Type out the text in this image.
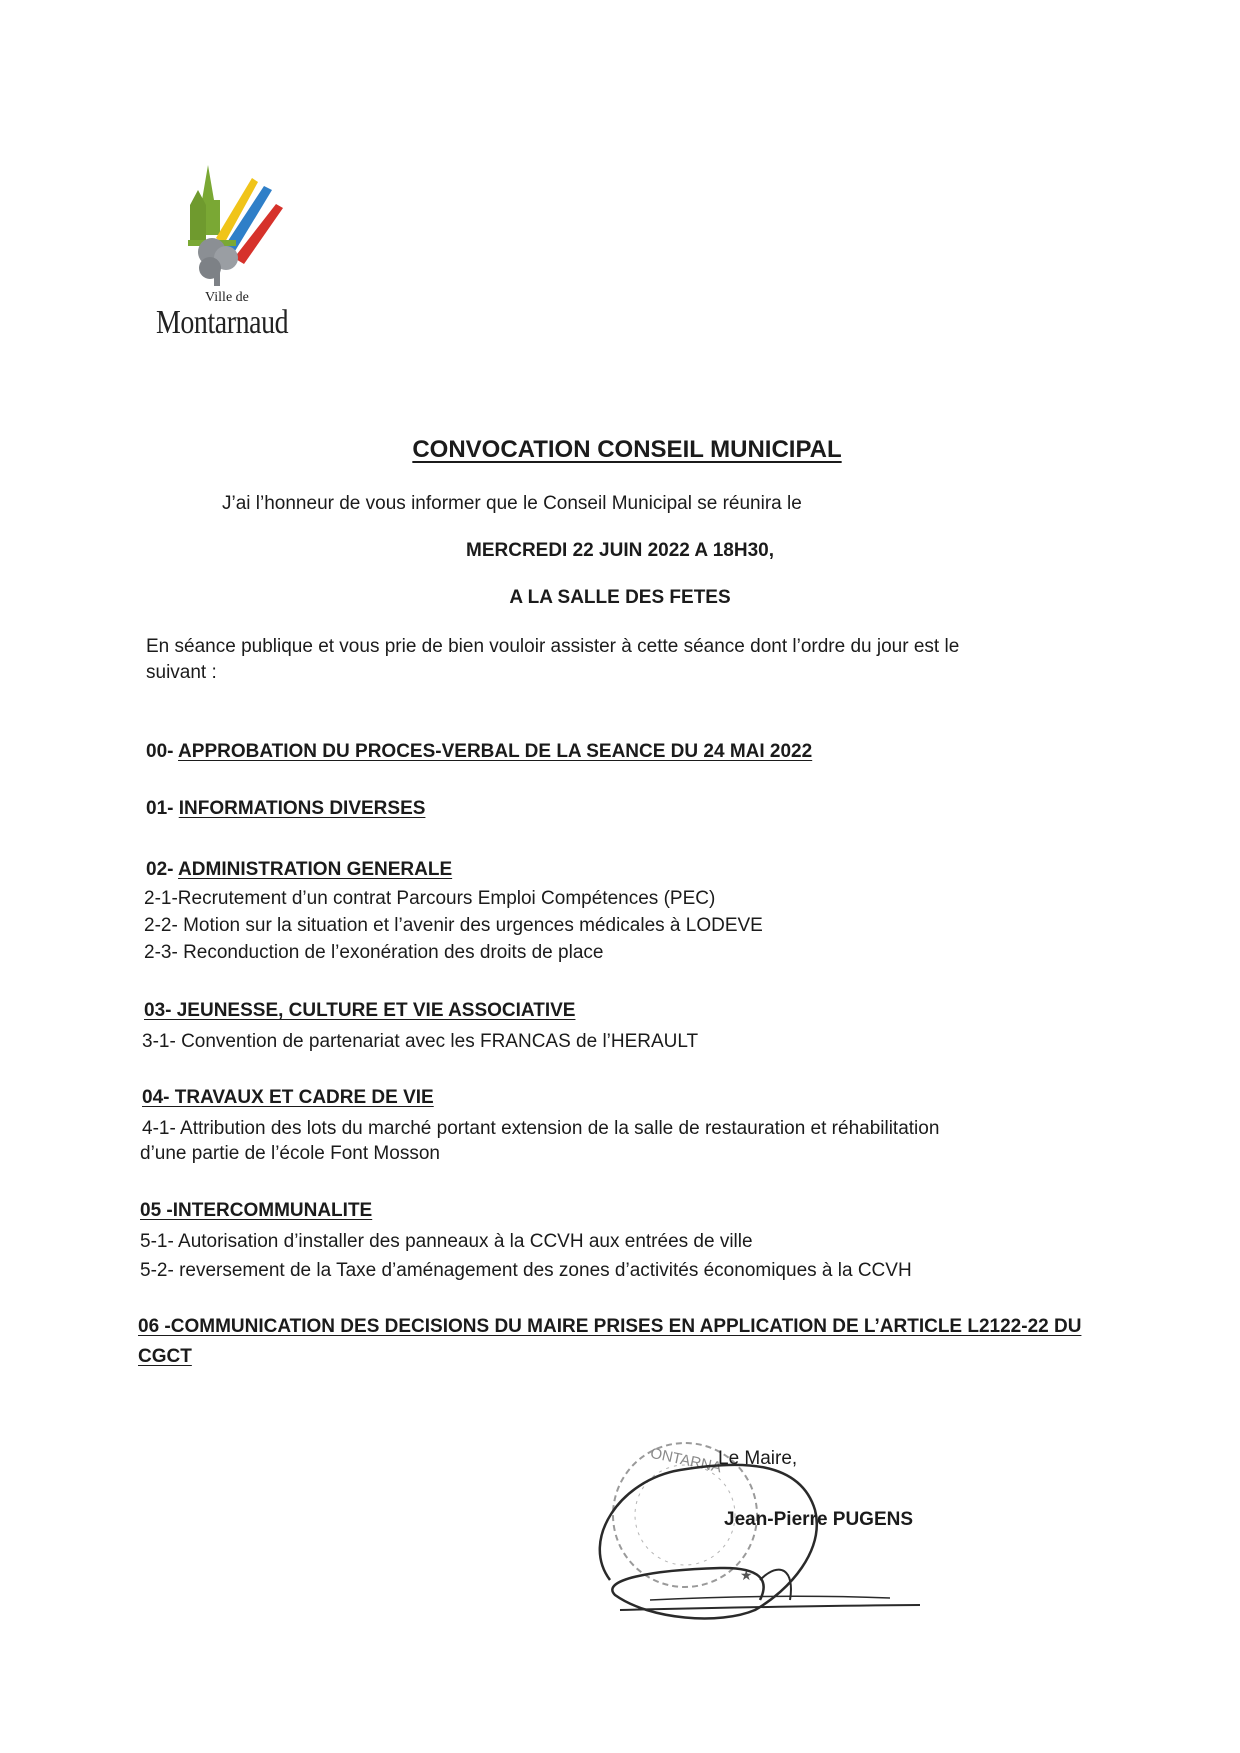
Ville de
Montarnaud
CONVOCATION CONSEIL MUNICIPAL
J’ai l’honneur de vous informer que le Conseil Municipal se réunira le
MERCREDI 22 JUIN 2022 A 18H30,
A LA SALLE DES FETES
En séance publique et vous prie de bien vouloir assister à cette séance dont l’ordre du jour est le
suivant :
00- APPROBATION DU PROCES-VERBAL DE LA SEANCE DU 24 MAI 2022
01- INFORMATIONS DIVERSES
02- ADMINISTRATION GENERALE
2-1-Recrutement d’un contrat Parcours Emploi Compétences (PEC)
2-2- Motion sur la situation et l’avenir des urgences médicales à LODEVE
2-3- Reconduction de l’exonération des droits de place
03- JEUNESSE, CULTURE ET VIE ASSOCIATIVE
3-1- Convention de partenariat avec les FRANCAS de l’HERAULT
04- TRAVAUX ET CADRE DE VIE
4-1- Attribution des lots du marché portant extension de la salle de restauration et réhabilitation
d’une partie de l’école Font Mosson
05 -INTERCOMMUNALITE
5-1- Autorisation d’installer des panneaux à la CCVH aux entrées de ville
5-2- reversement de la Taxe d’aménagement des zones d’activités économiques à la CCVH
06 -COMMUNICATION DES DECISIONS DU MAIRE PRISES EN APPLICATION DE L’ARTICLE L2122-22 DU
CGCT
ONTARNA
★
Le Maire,
Jean-Pierre PUGENS
